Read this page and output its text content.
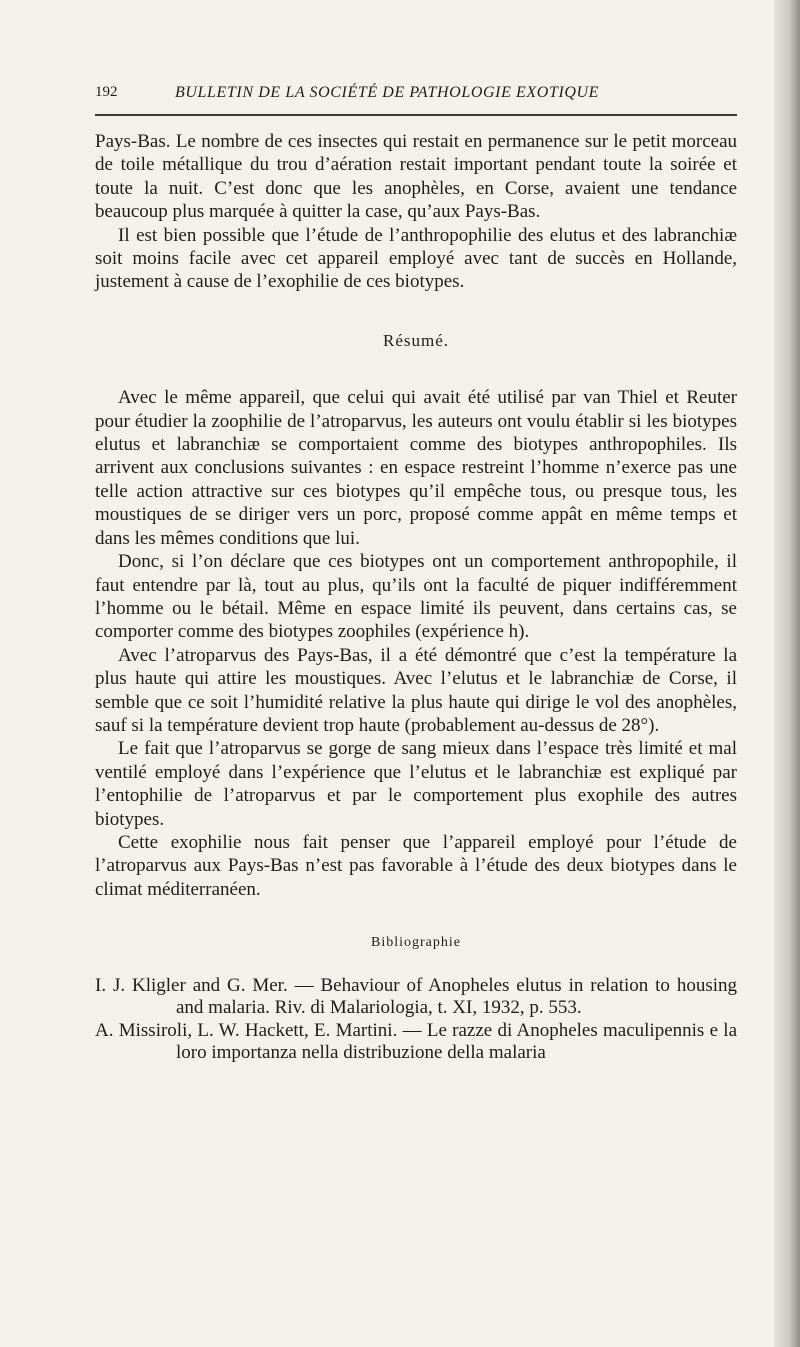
192	BULLETIN DE LA SOCIÉTÉ DE PATHOLOGIE EXOTIQUE

Pays-Bas. Le nombre de ces insectes qui restait en permanence sur le petit morceau de toile métallique du trou d’aération restait important pendant toute la soirée et toute la nuit. C’est donc que les anophèles, en Corse, avaient une tendance beaucoup plus marquée à quitter la case, qu’aux Pays-Bas.

Il est bien possible que l’étude de l’anthropophilie des elutus et des labranchiæ soit moins facile avec cet appareil employé avec tant de succès en Hollande, justement à cause de l’exophilie de ces biotypes.

Résumé.

Avec le même appareil, que celui qui avait été utilisé par van Thiel et Reuter pour étudier la zoophilie de l’atroparvus, les auteurs ont voulu établir si les biotypes elutus et labranchiæ se comportaient comme des biotypes anthropophiles. Ils arrivent aux conclusions suivantes : en espace restreint l’homme n’exerce pas une telle action attractive sur ces biotypes qu’il empêche tous, ou presque tous, les moustiques de se diriger vers un porc, proposé comme appât en même temps et dans les mêmes conditions que lui.

Donc, si l’on déclare que ces biotypes ont un comportement anthropophile, il faut entendre par là, tout au plus, qu’ils ont la faculté de piquer indifféremment l’homme ou le bétail. Même en espace limité ils peuvent, dans certains cas, se comporter comme des biotypes zoophiles (expérience h).

Avec l’atroparvus des Pays-Bas, il a été démontré que c’est la température la plus haute qui attire les moustiques. Avec l’elutus et le labranchiæ de Corse, il semble que ce soit l’humidité relative la plus haute qui dirige le vol des anophèles, sauf si la température devient trop haute (probablement au-dessus de 28°).

Le fait que l’atroparvus se gorge de sang mieux dans l’espace très limité et mal ventilé employé dans l’expérience que l’elutus et le labranchiæ est expliqué par l’entophilie de l’atroparvus et par le comportement plus exophile des autres biotypes.

Cette exophilie nous fait penser que l’appareil employé pour l’étude de l’atroparvus aux Pays-Bas n’est pas favorable à l’étude des deux biotypes dans le climat méditerranéen.

Bibliographie

I. J. Kligler and G. Mer. — Behaviour of Anopheles elutus in relation to housing and malaria. Riv. di Malariologia, t. XI, 1932, p. 553.

A. Missiroli, L. W. Hackett, E. Martini. — Le razze di Anopheles maculipennis e la loro importanza nella distribuzione della malaria
